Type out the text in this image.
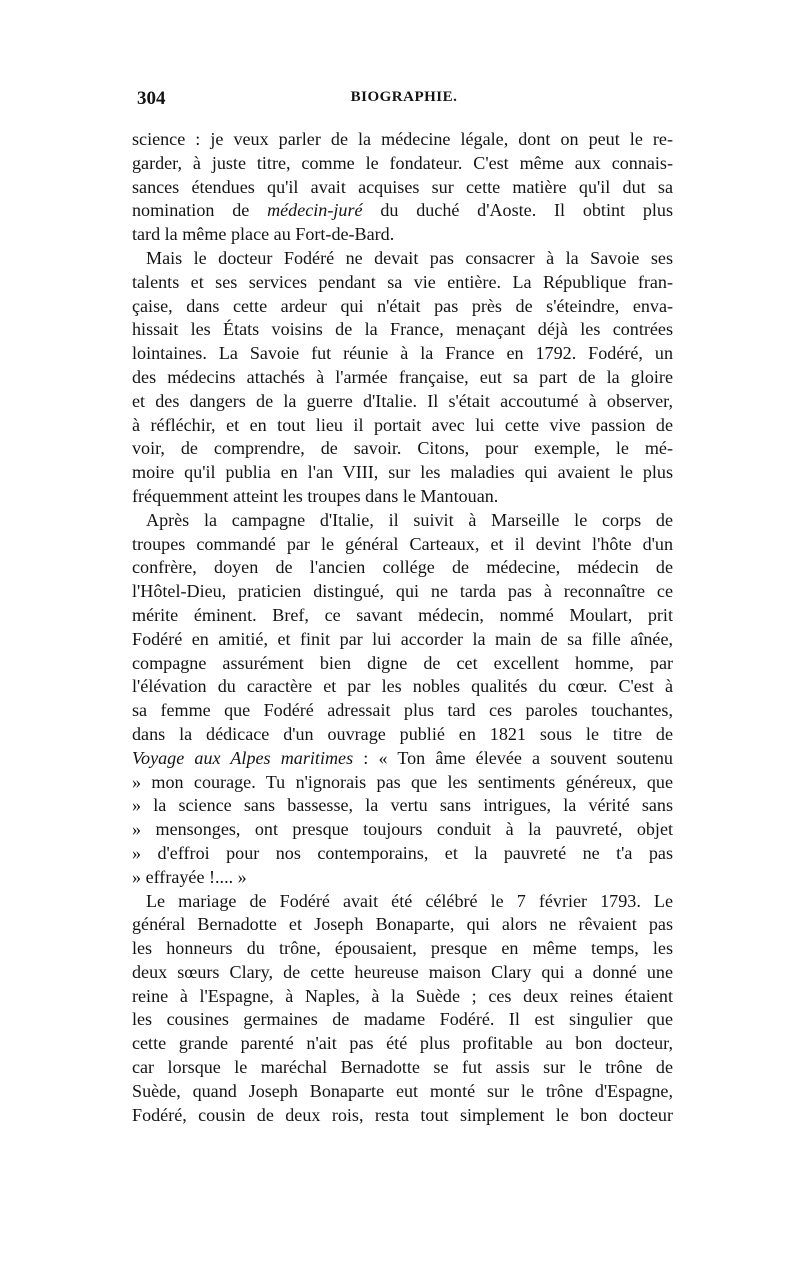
304	BIOGRAPHIE.
science : je veux parler de la médecine légale, dont on peut le re-
garder, à juste titre, comme le fondateur. C'est même aux connais-
sances étendues qu'il avait acquises sur cette matière qu'il dut sa
nomination de médecin-juré du duché d'Aoste. Il obtint plus
tard la même place au Fort-de-Bard.
Mais le docteur Fodéré ne devait pas consacrer à la Savoie ses
talents et ses services pendant sa vie entière. La République fran-
çaise, dans cette ardeur qui n'était pas près de s'éteindre, enva-
hissait les États voisins de la France, menaçant déjà les contrées
lointaines. La Savoie fut réunie à la France en 1792. Fodéré, un
des médecins attachés à l'armée française, eut sa part de la gloire
et des dangers de la guerre d'Italie. Il s'était accoutumé à observer,
à réfléchir, et en tout lieu il portait avec lui cette vive passion de
voir, de comprendre, de savoir. Citons, pour exemple, le mé-
moire qu'il publia en l'an VIII, sur les maladies qui avaient le plus
fréquemment atteint les troupes dans le Mantouan.
Après la campagne d'Italie, il suivit à Marseille le corps de
troupes commandé par le général Carteaux, et il devint l'hôte d'un
confrère, doyen de l'ancien collége de médecine, médecin de
l'Hôtel-Dieu, praticien distingué, qui ne tarda pas à reconnaître ce
mérite éminent. Bref, ce savant médecin, nommé Moulart, prit
Fodéré en amitié, et finit par lui accorder la main de sa fille aînée,
compagne assurément bien digne de cet excellent homme, par
l'élévation du caractère et par les nobles qualités du cœur. C'est à
sa femme que Fodéré adressait plus tard ces paroles touchantes,
dans la dédicace d'un ouvrage publié en 1821 sous le titre de
Voyage aux Alpes maritimes : « Ton âme élevée a souvent soutenu
» mon courage. Tu n'ignorais pas que les sentiments généreux, que
» la science sans bassesse, la vertu sans intrigues, la vérité sans
» mensonges, ont presque toujours conduit à la pauvreté, objet
» d'effroi pour nos contemporains, et la pauvreté ne t'a pas
» effrayée !.... »
Le mariage de Fodéré avait été célébré le 7 février 1793. Le
général Bernadotte et Joseph Bonaparte, qui alors ne rêvaient pas
les honneurs du trône, épousaient, presque en même temps, les
deux sœurs Clary, de cette heureuse maison Clary qui a donné une
reine à l'Espagne, à Naples, à la Suède ; ces deux reines étaient
les cousines germaines de madame Fodéré. Il est singulier que
cette grande parenté n'ait pas été plus profitable au bon docteur,
car lorsque le maréchal Bernadotte se fut assis sur le trône de
Suède, quand Joseph Bonaparte eut monté sur le trône d'Espagne,
Fodéré, cousin de deux rois, resta tout simplement le bon docteur
